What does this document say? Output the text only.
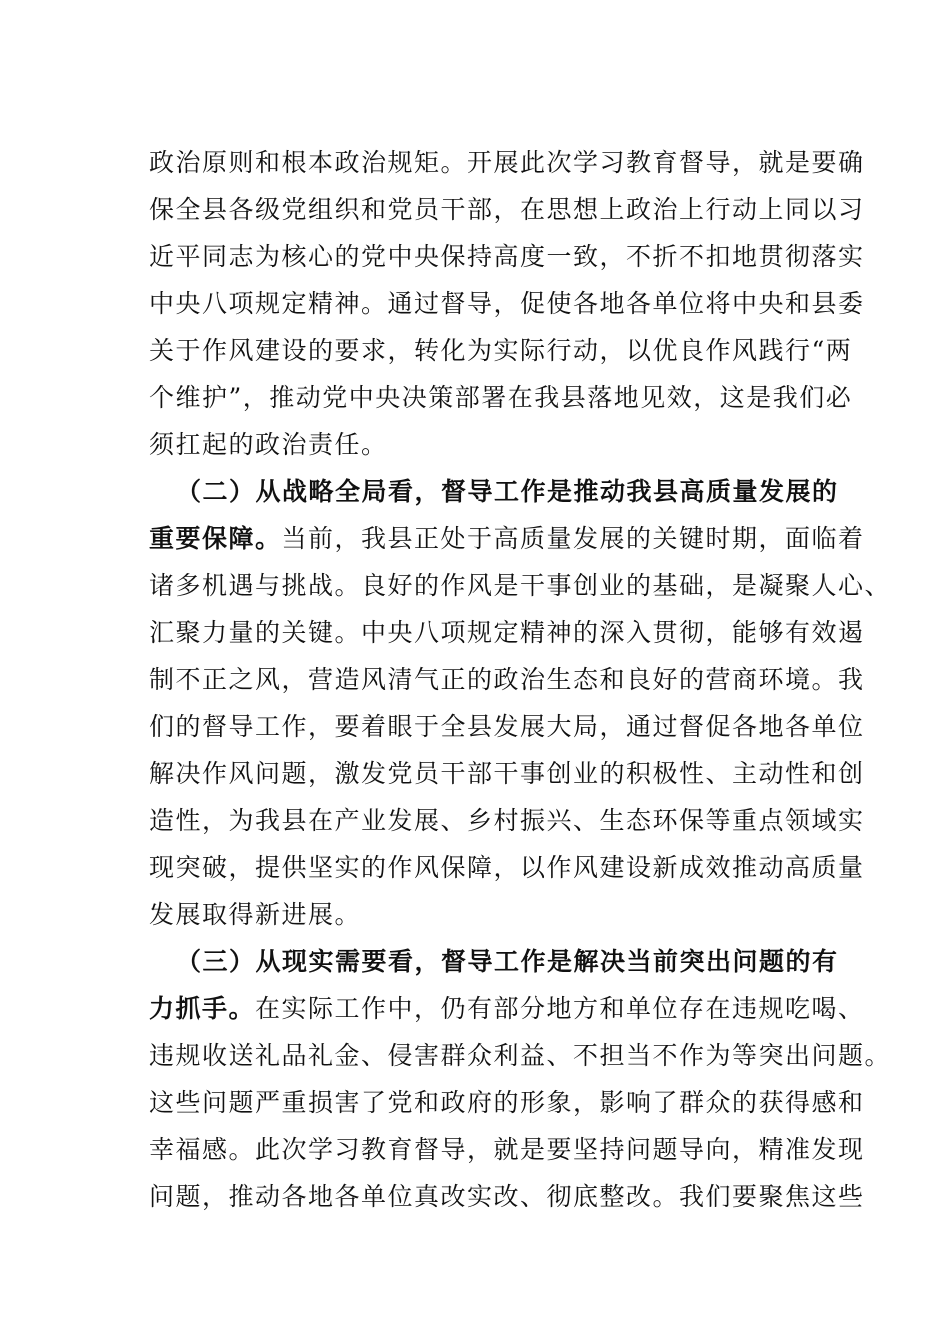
政治原则和根本政治规矩。开展此次学习教育督导，就是要确
保全县各级党组织和党员干部，在思想上政治上行动上同以习
近平同志为核心的党中央保持高度一致，不折不扣地贯彻落实
中央八项规定精神。通过督导，促使各地各单位将中央和县委
关于作风建设的要求，转化为实际行动，以优良作风践行“两
个维护”，推动党中央决策部署在我县落地见效，这是我们必
须扛起的政治责任。
（二）从战略全局看，督导工作是推动我县高质量发展的
重要保障。当前，我县正处于高质量发展的关键时期，面临着
诸多机遇与挑战。良好的作风是干事创业的基础，是凝聚人心、
汇聚力量的关键。中央八项规定精神的深入贯彻，能够有效遏
制不正之风，营造风清气正的政治生态和良好的营商环境。我
们的督导工作，要着眼于全县发展大局，通过督促各地各单位
解决作风问题，激发党员干部干事创业的积极性、主动性和创
造性，为我县在产业发展、乡村振兴、生态环保等重点领域实
现突破，提供坚实的作风保障，以作风建设新成效推动高质量
发展取得新进展。
（三）从现实需要看，督导工作是解决当前突出问题的有
力抓手。在实际工作中，仍有部分地方和单位存在违规吃喝、
违规收送礼品礼金、侵害群众利益、不担当不作为等突出问题。
这些问题严重损害了党和政府的形象，影响了群众的获得感和
幸福感。此次学习教育督导，就是要坚持问题导向，精准发现
问题，推动各地各单位真改实改、彻底整改。我们要聚焦这些
